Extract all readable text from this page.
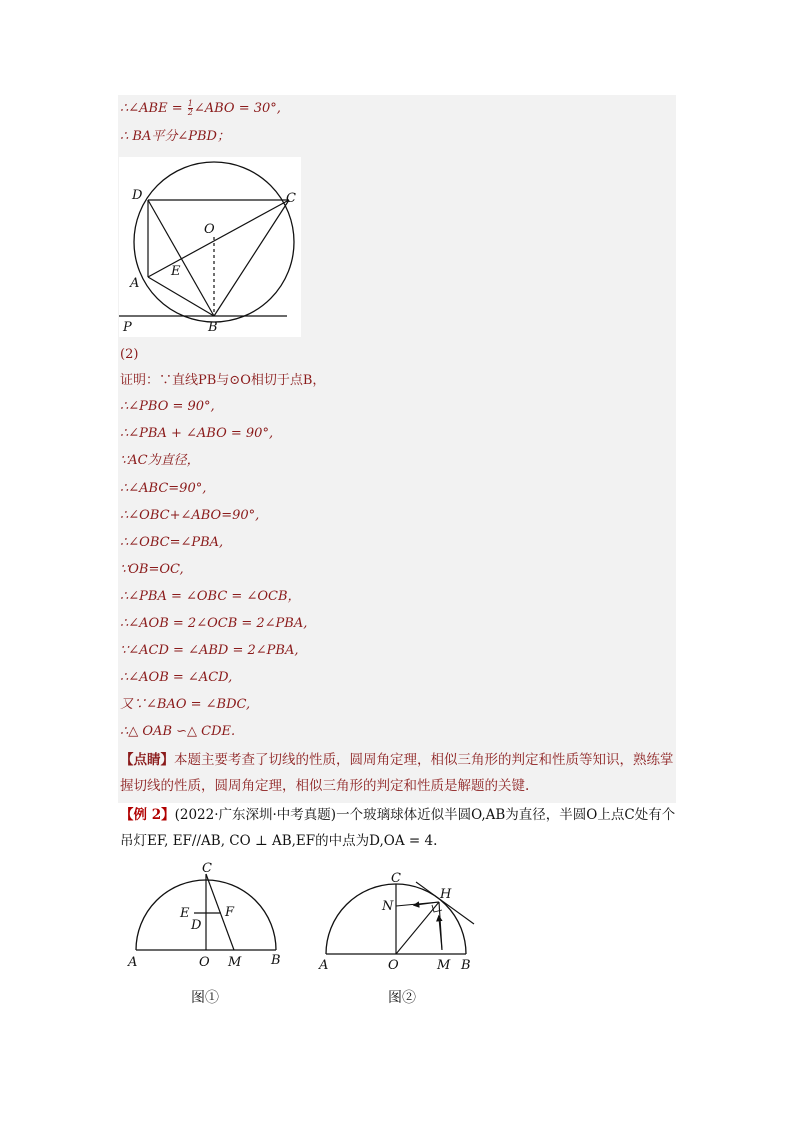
∴∠ABE = $\frac{1}{2}$ ∠ABO = 30°,
∴ BA平分∠PBD；
D	C
O
E
A
P	B
(2)
证明：∵直线PB与⊙O相切于点B，
∴∠PBO = 90°,
∴∠PBA + ∠ABO = 90°,
∵AC为直径，
∴∠ABC=90°,
∴∠OBC+∠ABO=90°,
∴∠OBC=∠PBA,
∵OB=OC,
∴∠PBA = ∠OBC = ∠OCB，
∴∠AOB = 2∠OCB = 2∠PBA,
∵∠ACD = ∠ABD = 2∠PBA,
∴∠AOB = ∠ACD,
又∵∠BAO = ∠BDC,
∴△ OAB ∽△ CDE.
【点睛】本题主要考查了切线的性质，圆周角定理，相似三角形的判定和性质等知识，熟练掌握切线的性质，圆周角定理，相似三角形的判定和性质是解题的关键.
【例 2】(2022·广东深圳·中考真题)一个玻璃球体近似半圆O,AB为直径，半圆O上点C处有个吊灯EF, EF//AB, CO ⊥ AB,EF的中点为D,OA = 4.
C
E	F
D
A	O M B
图①
C
H
N
A	O	M B
图②
